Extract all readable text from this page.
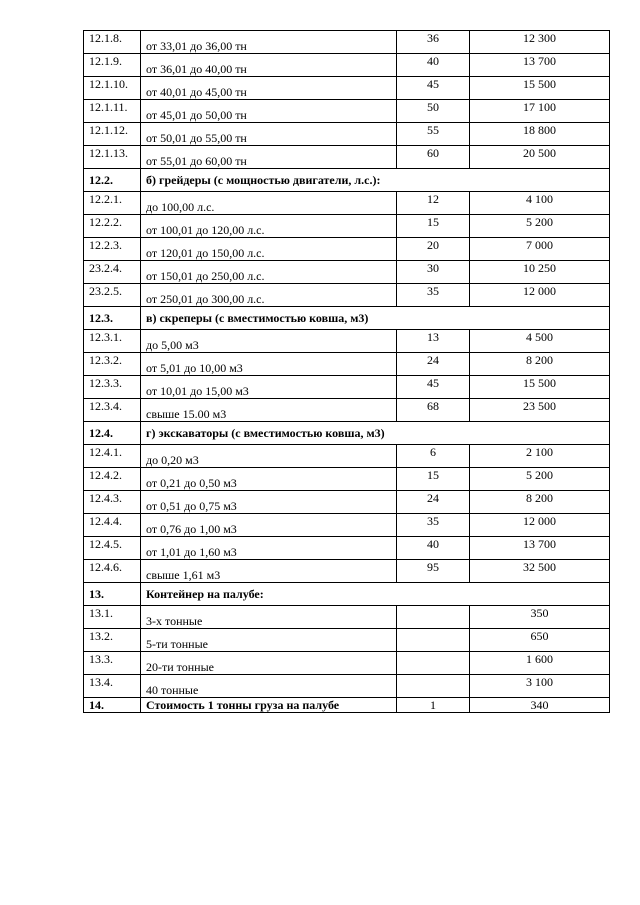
12.1.8.	от 33,01 до 36,00 тн	36	12 300
12.1.9.	от 36,01 до 40,00 тн	40	13 700
12.1.10.	от 40,01 до 45,00 тн	45	15 500
12.1.11.	от 45,01 до 50,00 тн	50	17 100
12.1.12.	от 50,01 до 55,00 тн	55	18 800
12.1.13.	от 55,01 до 60,00 тн	60	20 500
12.2.	б) грейдеры (с мощностью двигатели, л.с.):		
12.2.1.	до 100,00 л.с.	12	4 100
12.2.2.	от 100,01 до 120,00 л.с.	15	5 200
12.2.3.	от 120,01 до 150,00 л.с.	20	7 000
23.2.4.	от 150,01 до 250,00 л.с.	30	10 250
23.2.5.	от 250,01 до 300,00 л.с.	35	12 000
12.3.	в) скреперы (с вместимостью ковша, м3)		
12.3.1.	до 5,00 м3	13	4 500
12.3.2.	от 5,01 до 10,00 м3	24	8 200
12.3.3.	от 10,01 до 15,00 м3	45	15 500
12.3.4.	свыше 15.00 м3	68	23 500
12.4.	г) экскаваторы (с вместимостью ковша, м3)		
12.4.1.	до 0,20 м3	6	2 100
12.4.2.	от 0,21 до 0,50 м3	15	5 200
12.4.3.	от 0,51 до 0,75 м3	24	8 200
12.4.4.	от 0,76 до 1,00 м3	35	12 000
12.4.5.	от 1,01 до 1,60 м3	40	13 700
12.4.6.	свыше 1,61 м3	95	32 500
13.	Контейнер на палубе:		
13.1.	3-х тонные		350
13.2.	5-ти тонные		650
13.3.	20-ти тонные		1 600
13.4.	40 тонные		3 100
14.	Стоимость 1 тонны груза на палубе	1	340
